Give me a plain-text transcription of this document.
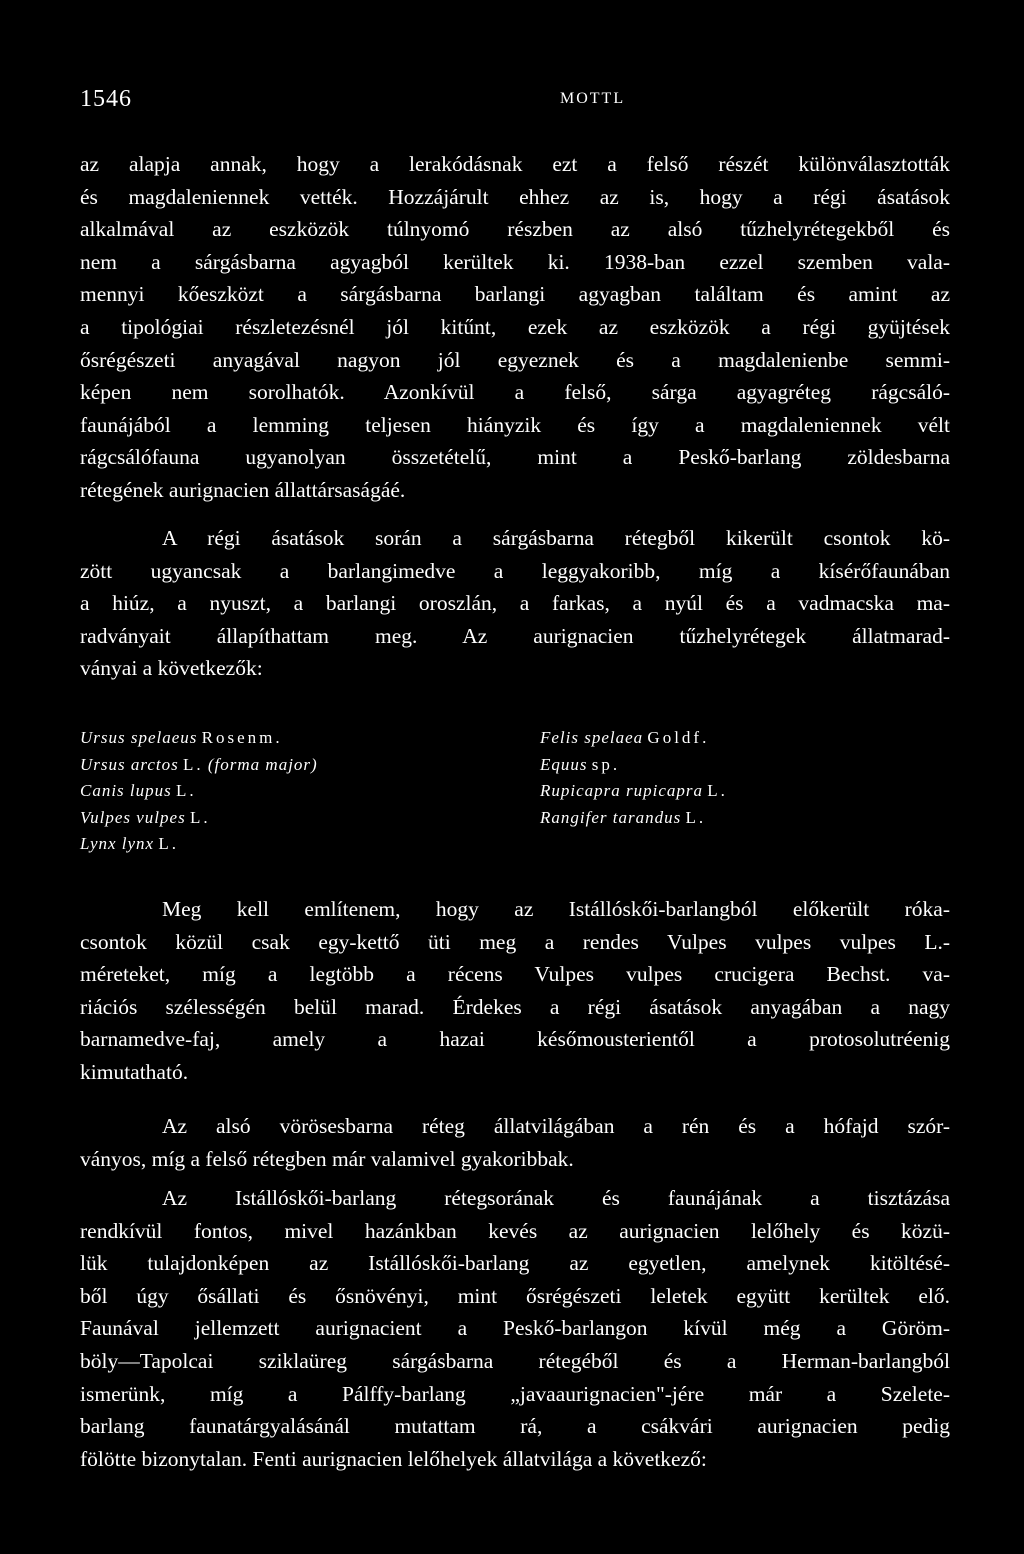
1546	MOTTL
az alapja annak, hogy a lerakódásnak ezt a felső részét különválasztották
és magdaleniennek vették. Hozzájárult ehhez az is, hogy a régi ásatások
alkalmával az eszközök túlnyomó részben az alsó tűzhelyrétegekből és
nem a sárgásbarna agyagból kerültek ki. 1938-ban ezzel szemben vala-
mennyi kőeszközt a sárgásbarna barlangi agyagban találtam és amint az
a tipológiai részletezésnél jól kitűnt, ezek az eszközök a régi gyüjtések
ősrégészeti anyagával nagyon jól egyeznek és a magdalenienbe semmi-
képen nem sorolhatók. Azonkívül a felső, sárga agyagréteg rágcsáló-
faunájából a lemming teljesen hiányzik és így a magdaleniennek vélt
rágcsálófauna ugyanolyan összetételű, mint a Peskő-barlang zöldesbarna
rétegének aurignacien állattársaságáé.
A régi ásatások során a sárgásbarna rétegből kikerült csontok kö-
zött ugyancsak a barlangimedve a leggyakoribb, míg a kísérőfaunában
a hiúz, a nyuszt, a barlangi oroszlán, a farkas, a nyúl és a vadmacska ma-
radványait állapíthattam meg. Az aurignacien tűzhelyrétegek állatmarad-
ványai a következők:
Ursus spelaeus Rosenm.
Ursus arctos L. (forma major)
Canis lupus L.
Vulpes vulpes L.
Lynx lynx L.
Felis spelaea Goldf.
Equus sp.
Rupicapra rupicapra L.
Rangifer tarandus L.
Meg kell említenem, hogy az Istállóskői-barlangból előkerült róka-
csontok közül csak egy-kettő üti meg a rendes Vulpes vulpes vulpes L.-
méreteket, míg a legtöbb a récens Vulpes vulpes crucigera Bechst. va-
riációs szélességén belül marad. Érdekes a régi ásatások anyagában a nagy
barnamedve-faj, amely a hazai későmousterientől a protosolutréenig
kimutatható.
Az alsó vörösesbarna réteg állatvilágában a rén és a hófajd szór-
ványos, míg a felső rétegben már valamivel gyakoribbak.
Az Istállóskői-barlang rétegsorának és faunájának a tisztázása
rendkívül fontos, mivel hazánkban kevés az aurignacien lelőhely és közü-
lük tulajdonképen az Istállóskői-barlang az egyetlen, amelynek kitöltésé-
ből úgy ősállati és ősnövényi, mint ősrégészeti leletek együtt kerültek elő.
Faunával jellemzett aurignacient a Peskő-barlangon kívül még a Göröm-
böly—Tapolcai sziklaüreg sárgásbarna rétegéből és a Herman-barlangból
ismerünk, míg a Pálffy-barlang „javaaurignacien"-jére már a Szelete-
barlang faunatárgyalásánál mutattam rá, a csákvári aurignacien pedig
fölötte bizonytalan. Fenti aurignacien lelőhelyek állatvilága a következő:
